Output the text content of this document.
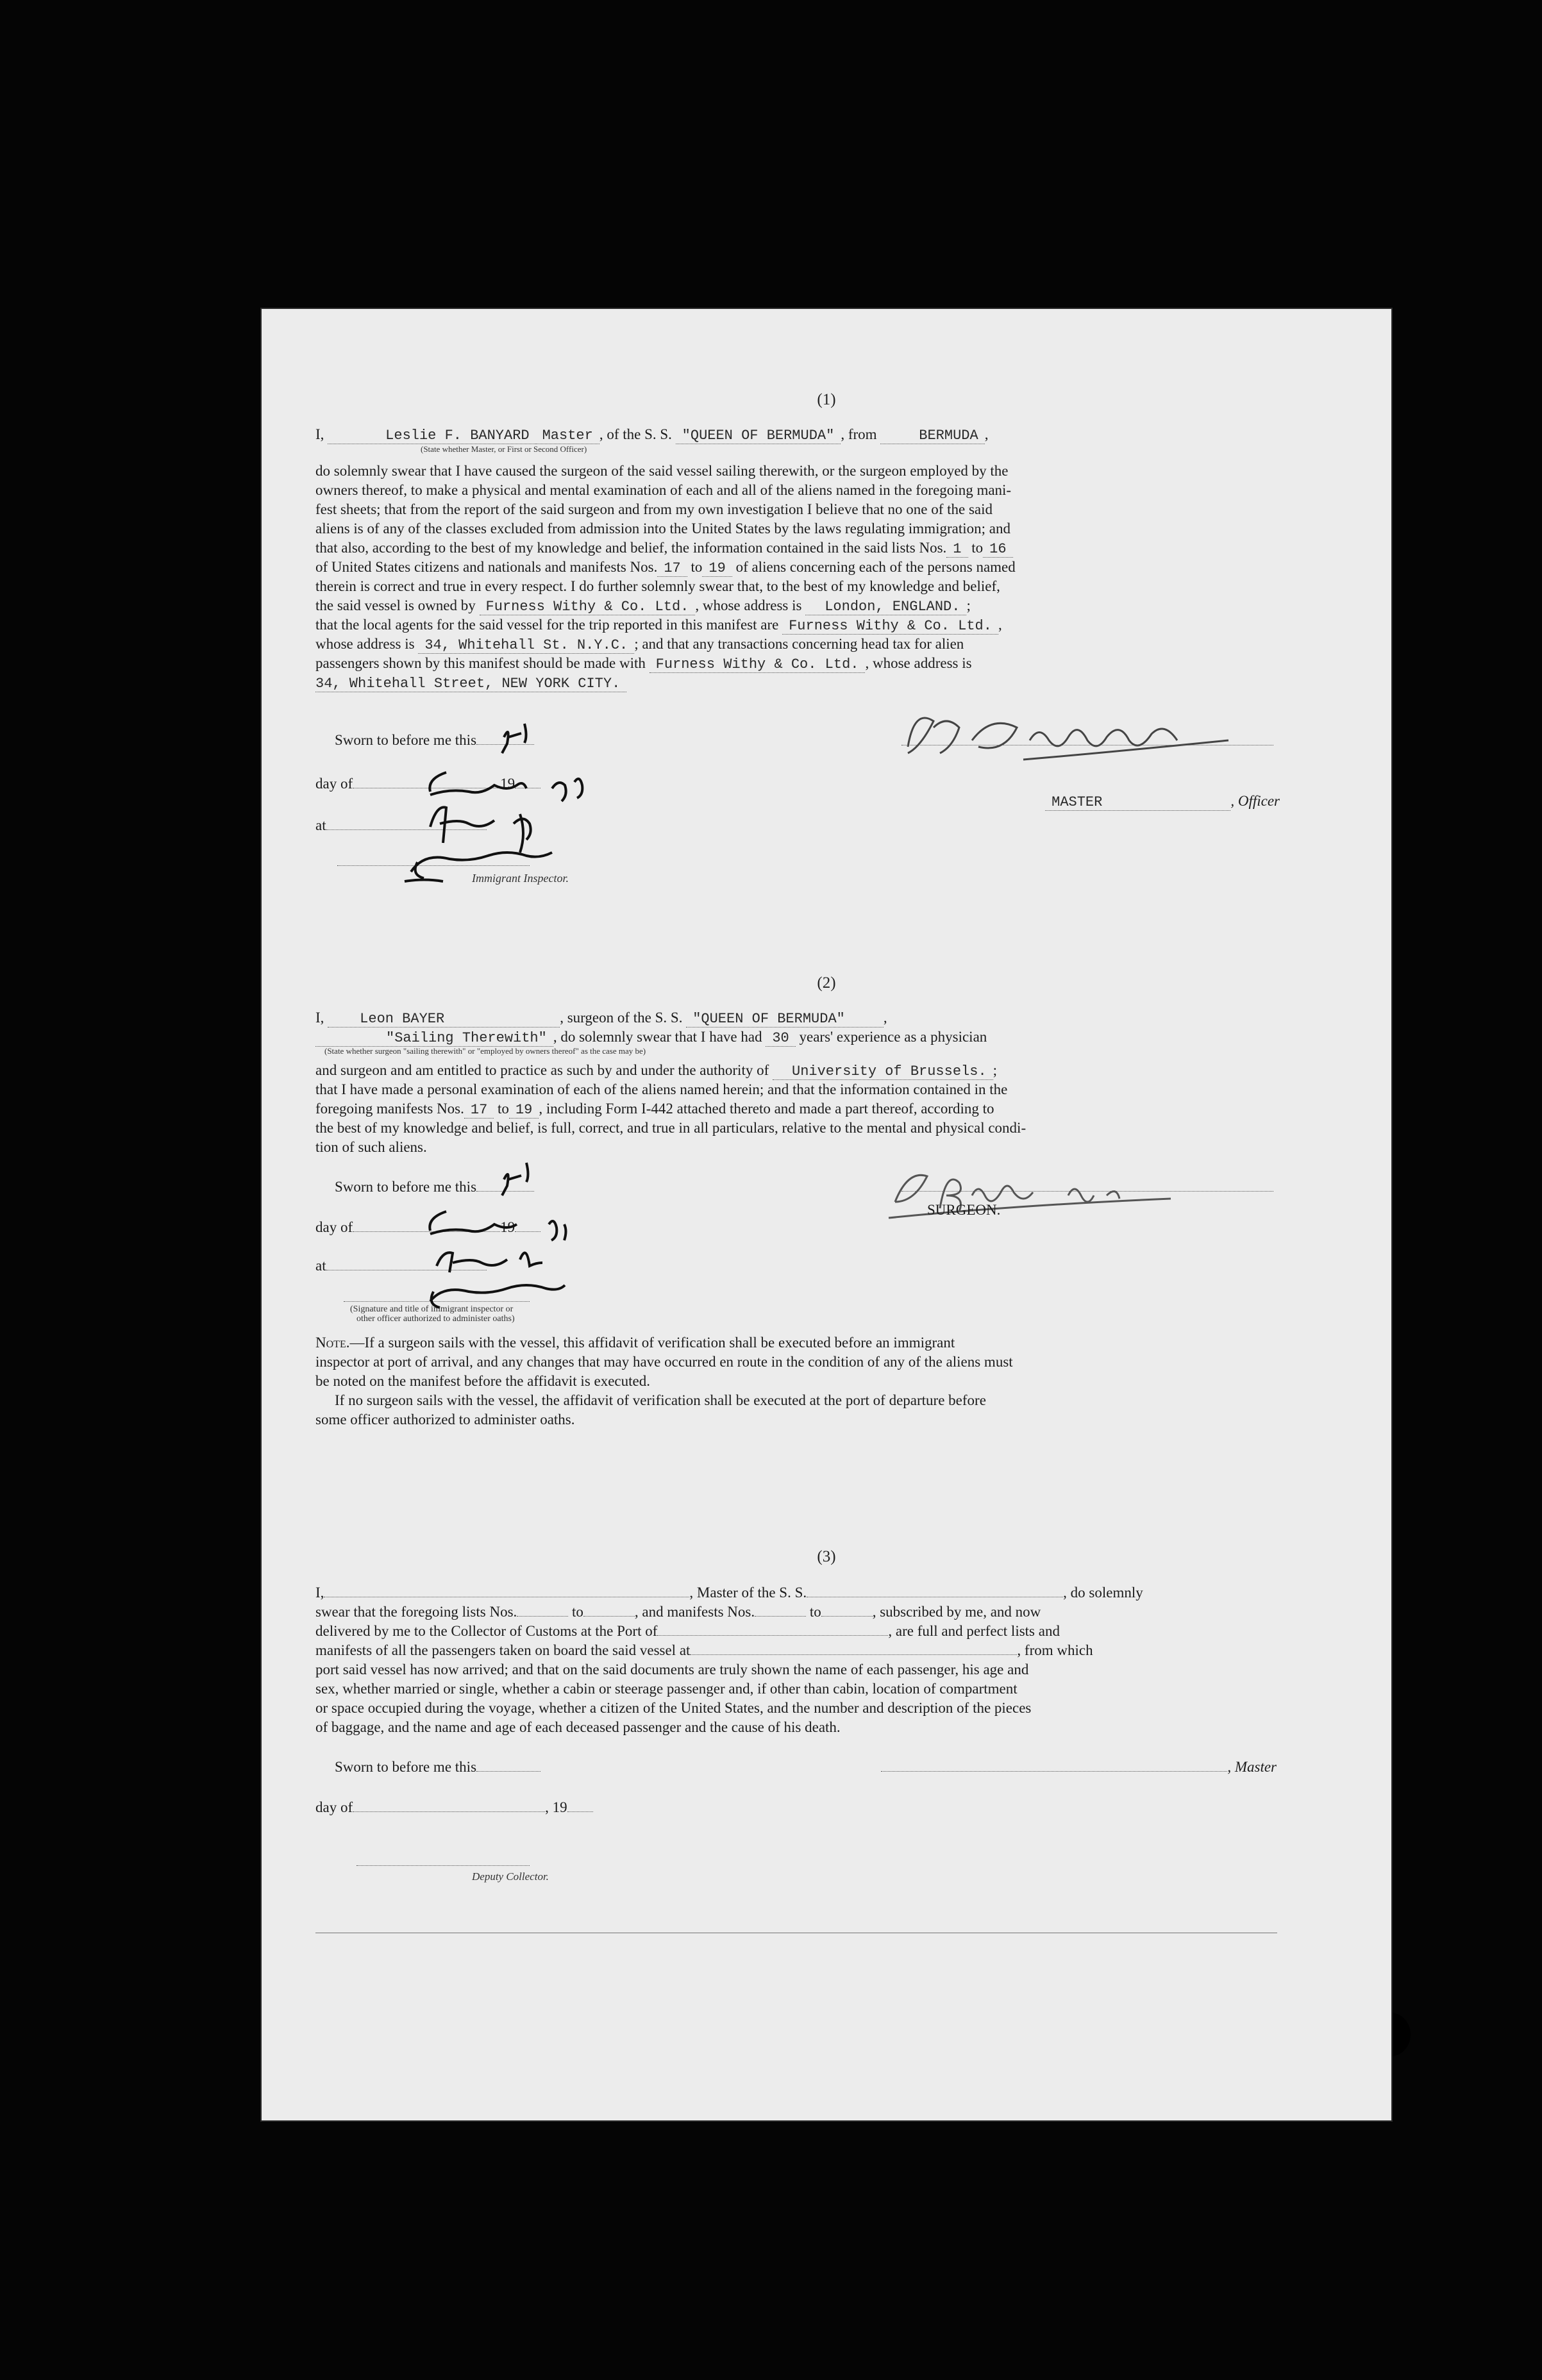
(1)
I,	Leslie F. BANYARD Master , of the S. S. "QUEEN OF BERMUDA" , from	BERMUDA ,
(State whether Master, or First or Second Officer)
do solemnly swear that I have caused the surgeon of the said vessel sailing therewith, or the surgeon employed by the
owners thereof, to make a physical and mental examination of each and all of the aliens named in the foregoing mani-
fest sheets; that from the report of the said surgeon and from my own investigation I believe that no one of the said
aliens is of any of the classes excluded from admission into the United States by the laws regulating immigration; and
that also, according to the best of my knowledge and belief, the information contained in the said lists Nos. 1 to 16
of United States citizens and nationals and manifests Nos. 17 to 19 of aliens concerning each of the persons named
therein is correct and true in every respect. I do further solemnly swear that, to the best of my knowledge and belief,
the said vessel is owned by Furness Withy & Co. Ltd. , whose address is London, ENGLAND. ;
that the local agents for the said vessel for the trip reported in this manifest are Furness Withy & Co. Ltd. ,
whose address is 34, Whitehall St. N.Y.C. ; and that any transactions concerning head tax for alien
passengers shown by this manifest should be made with Furness Withy & Co. Ltd. , whose address is
34, Whitehall Street, NEW YORK CITY.
Sworn to before me this
day of	19
at
Immigrant Inspector.
MASTER	, Officer
(2)
I,	Leon BAYER	, surgeon of the S. S. "QUEEN OF BERMUDA"	,
"Sailing Therewith" , do solemnly swear that I have had 30 years' experience as a physician
(State whether surgeon "sailing therewith" or "employed by owners thereof" as the case may be)
and surgeon and am entitled to practice as such by and under the authority of University of Brussels. ;
that I have made a personal examination of each of the aliens named herein; and that the information contained in the
foregoing manifests Nos. 17 to 19 , including Form I-442 attached thereto and made a part thereof, according to
the best of my knowledge and belief, is full, correct, and true in all particulars, relative to the mental and physical condi-
tion of such aliens.
Sworn to before me this
day of	19
at
(Signature and title of immigrant inspector or
other officer authorized to administer oaths)
SURGEON.
Note.—If a surgeon sails with the vessel, this affidavit of verification shall be executed before an immigrant
inspector at port of arrival, and any changes that may have occurred en route in the condition of any of the aliens must
be noted on the manifest before the affidavit is executed.
If no surgeon sails with the vessel, the affidavit of verification shall be executed at the port of departure before
some officer authorized to administer oaths.
(3)
I,	, Master of the S. S.	, do solemnly
swear that the foregoing lists Nos.	to	, and manifests Nos.	to	, subscribed by me, and now
delivered by me to the Collector of Customs at the Port of	, are full and perfect lists and
manifests of all the passengers taken on board the said vessel at	, from which
port said vessel has now arrived; and that on the said documents are truly shown the name of each passenger, his age and
sex, whether married or single, whether a cabin or steerage passenger and, if other than cabin, location of compartment
or space occupied during the voyage, whether a citizen of the United States, and the number and description of the pieces
of baggage, and the name and age of each deceased passenger and the cause of his death.
Sworn to before me this	, Master
day of	, 19
Deputy Collector.
